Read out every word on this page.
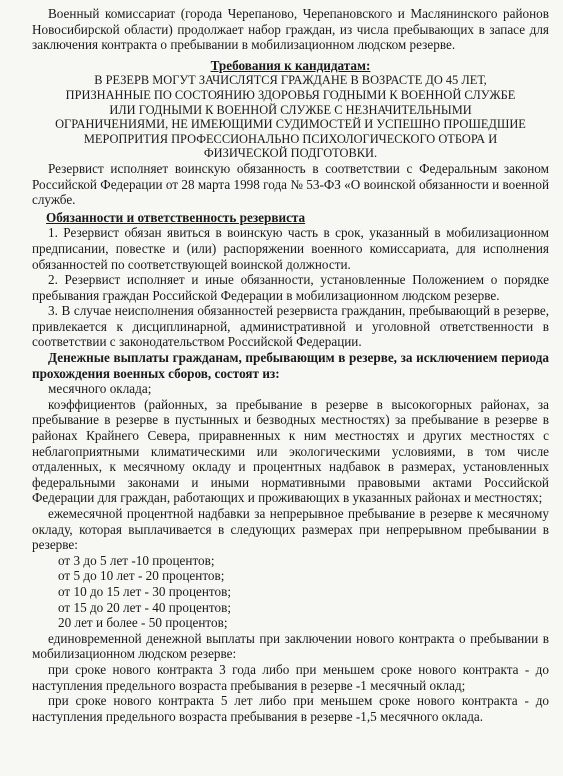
Военный комиссариат (города Черепаново, Черепановского и Маслянинского районов Новосибирской области) продолжает набор граждан, из числа пребывающих в запасе для заключения контракта о пребывании в мобилизационном людском резерве.

Требования к кандидатам:

В РЕЗЕРВ МОГУТ ЗАЧИСЛЯТСЯ ГРАЖДАНЕ В ВОЗРАСТЕ ДО 45 ЛЕТ, ПРИЗНАННЫЕ ПО СОСТОЯНИЮ ЗДОРОВЬЯ ГОДНЫМИ К ВОЕННОЙ СЛУЖБЕ ИЛИ ГОДНЫМИ К ВОЕННОЙ СЛУЖБЕ С НЕЗНАЧИТЕЛЬНЫМИ ОГРАНИЧЕНИЯМИ, НЕ ИМЕЮЩИМИ СУДИМОСТЕЙ И УСПЕШНО ПРОШЕДШИЕ МЕРОПРИТИЯ ПРОФЕССИОНАЛЬНО ПСИХОЛОГИЧЕСКОГО ОТБОРА И ФИЗИЧЕСКОЙ ПОДГОТОВКИ.

Резервист исполняет воинскую обязанность в соответствии с Федеральным законом Российской Федерации от 28 марта 1998 года № 53-ФЗ «О воинской обязанности и военной службе.

Обязанности и ответственность резервиста

1. Резервист обязан явиться в воинскую часть в срок, указанный в мобилизационном предписании, повестке и (или) распоряжении военного комиссариата, для исполнения обязанностей по соответствующей воинской должности.

2. Резервист исполняет и иные обязанности, установленные Положением о порядке пребывания граждан Российской Федерации в мобилизационном людском резерве.

3. В случае неисполнения обязанностей резервиста гражданин, пребывающий в резерве, привлекается к дисциплинарной, административной и уголовной ответственности в соответствии с законодательством Российской Федерации.

Денежные выплаты гражданам, пребывающим в резерве, за исключением периода прохождения военных сборов, состоят из:

месячного оклада;

коэффициентов (районных, за пребывание в резерве в высокогорных районах, за пребывание в резерве в пустынных и безводных местностях) за пребывание в резерве в районах Крайнего Севера, приравненных к ним местностях и других местностях с неблагоприятными климатическими или экологическими условиями, в том числе отдаленных, к месячному окладу и процентных надбавок в размерах, установленных федеральными законами и иными нормативными правовыми актами Российской Федерации для граждан, работающих и проживающих в указанных районах и местностях;

ежемесячной процентной надбавки за непрерывное пребывание в резерве к месячному окладу, которая выплачивается в следующих размерах при непрерывном пребывании в резерве:

от 3 до 5 лет -10 процентов;

от 5 до 10 лет - 20 процентов;

от 10 до 15 лет - 30 процентов;

от 15 до 20 лет - 40 процентов;

20 лет и более - 50 процентов;

единовременной денежной выплаты при заключении нового контракта о пребывании в мобилизационном людском резерве:

при сроке нового контракта 3 года либо при меньшем сроке нового контракта - до наступления предельного возраста пребывания в резерве -1 месячный оклад;

при сроке нового контракта 5 лет либо при меньшем сроке нового контракта - до наступления предельного возраста пребывания в резерве -1,5 месячного оклада.
